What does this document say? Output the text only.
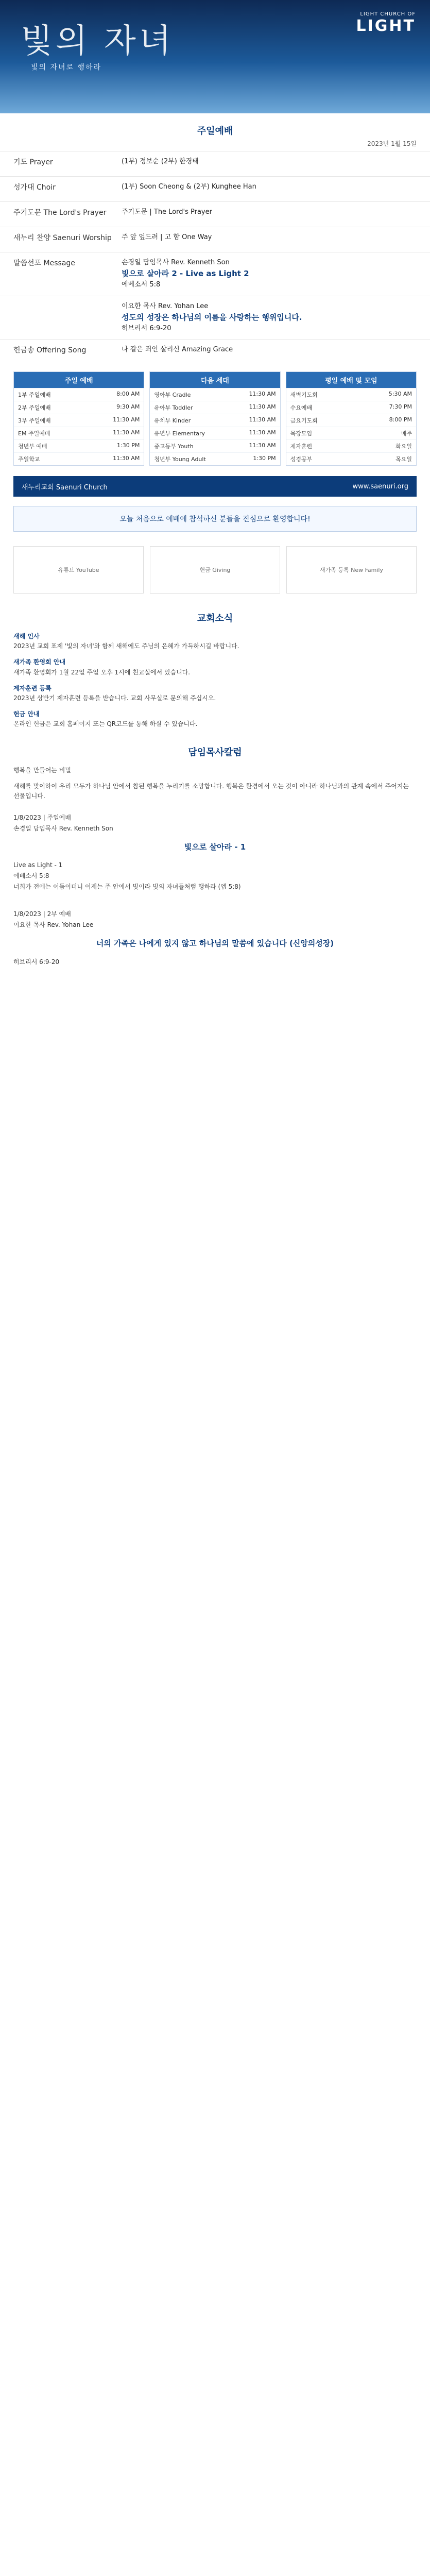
빛의 자녀
빛의 자녀로 행하라
LIGHT CHURCH OF
LIGHT
주일예배
2023년 1월 15일
기도 Prayer	(1부) 정보순 (2부) 한경태
성가대 Choir	(1부) Soon Cheong & (2부) Kunghee Han
주기도문 The Lord's Prayer	주기도문 | The Lord's Prayer
새누리 찬양 Saenuri Worship	주 앞 엎드려 | 고 함 One Way
말씀선포 Message	손경일 담임목사 Rev. Kenneth Son
빛으로 살아라 2 - Live as Light 2
에베소서 5:8
이요한 목사 Rev. Yohan Lee
성도의 성장은 하나님의 이름을 사랑하는 행위입니다.
히브리서 6:9-20
헌금송 Offering Song	나 같은 죄인 살리신 Amazing Grace
주일 예배
1부 주일예배	8:00 AM
2부 주일예배	9:30 AM
3부 주일예배	11:30 AM
EM 주일예배	11:30 AM
청년부 예배	1:30 PM
주일학교	11:30 AM
다음 세대
영아부 Cradle	11:30 AM
유아부 Toddler	11:30 AM
유치부 Kinder	11:30 AM
유년부 Elementary	11:30 AM
중고등부 Youth	11:30 AM
청년부 Young Adult	1:30 PM
평일 예배 및 모임
새벽기도회	5:30 AM
수요예배	7:30 PM
금요기도회	8:00 PM
목장모임	매주
제자훈련	화요일
성경공부	목요일
새누리교회 Saenuri Church	www.saenuri.org
오늘 처음으로 예배에 참석하신 분들을 진심으로 환영합니다!
유튜브 YouTube	헌금 Giving	새가족 등록 New Family
교회소식
새해 인사
2023년 교회 표제 '빛의 자녀'와 함께 새해에도 주님의 은혜가 가득하시길 바랍니다.
새가족 환영회 안내
새가족 환영회가 1월 22일 주일 오후 1시에 친교실에서 있습니다.
제자훈련 등록
2023년 상반기 제자훈련 등록을 받습니다. 교회 사무실로 문의해 주십시오.
헌금 안내
온라인 헌금은 교회 홈페이지 또는 QR코드를 통해 하실 수 있습니다.
담임목사칼럼
행복을 만들어는 비밀
새해를 맞이하여 우리 모두가 하나님 안에서 참된 행복을 누리기를 소망합니다. 행복은 환경에서 오는 것이 아니라 하나님과의 관계 속에서 주어지는 선물입니다.
1/8/2023 | 주일예배
손경일 담임목사 Rev. Kenneth Son
빛으로 살아라 - 1
Live as Light - 1
에베소서 5:8
너희가 전에는 어둠이더니 이제는 주 안에서 빛이라 빛의 자녀들처럼 행하라 (엡 5:8)
1/8/2023 | 2부 예배
이요한 목사 Rev. Yohan Lee
너의 가족은 나에게 있지 않고 하나님의 말씀에 있습니다 (신앙의성장)
히브리서 6:9-20
